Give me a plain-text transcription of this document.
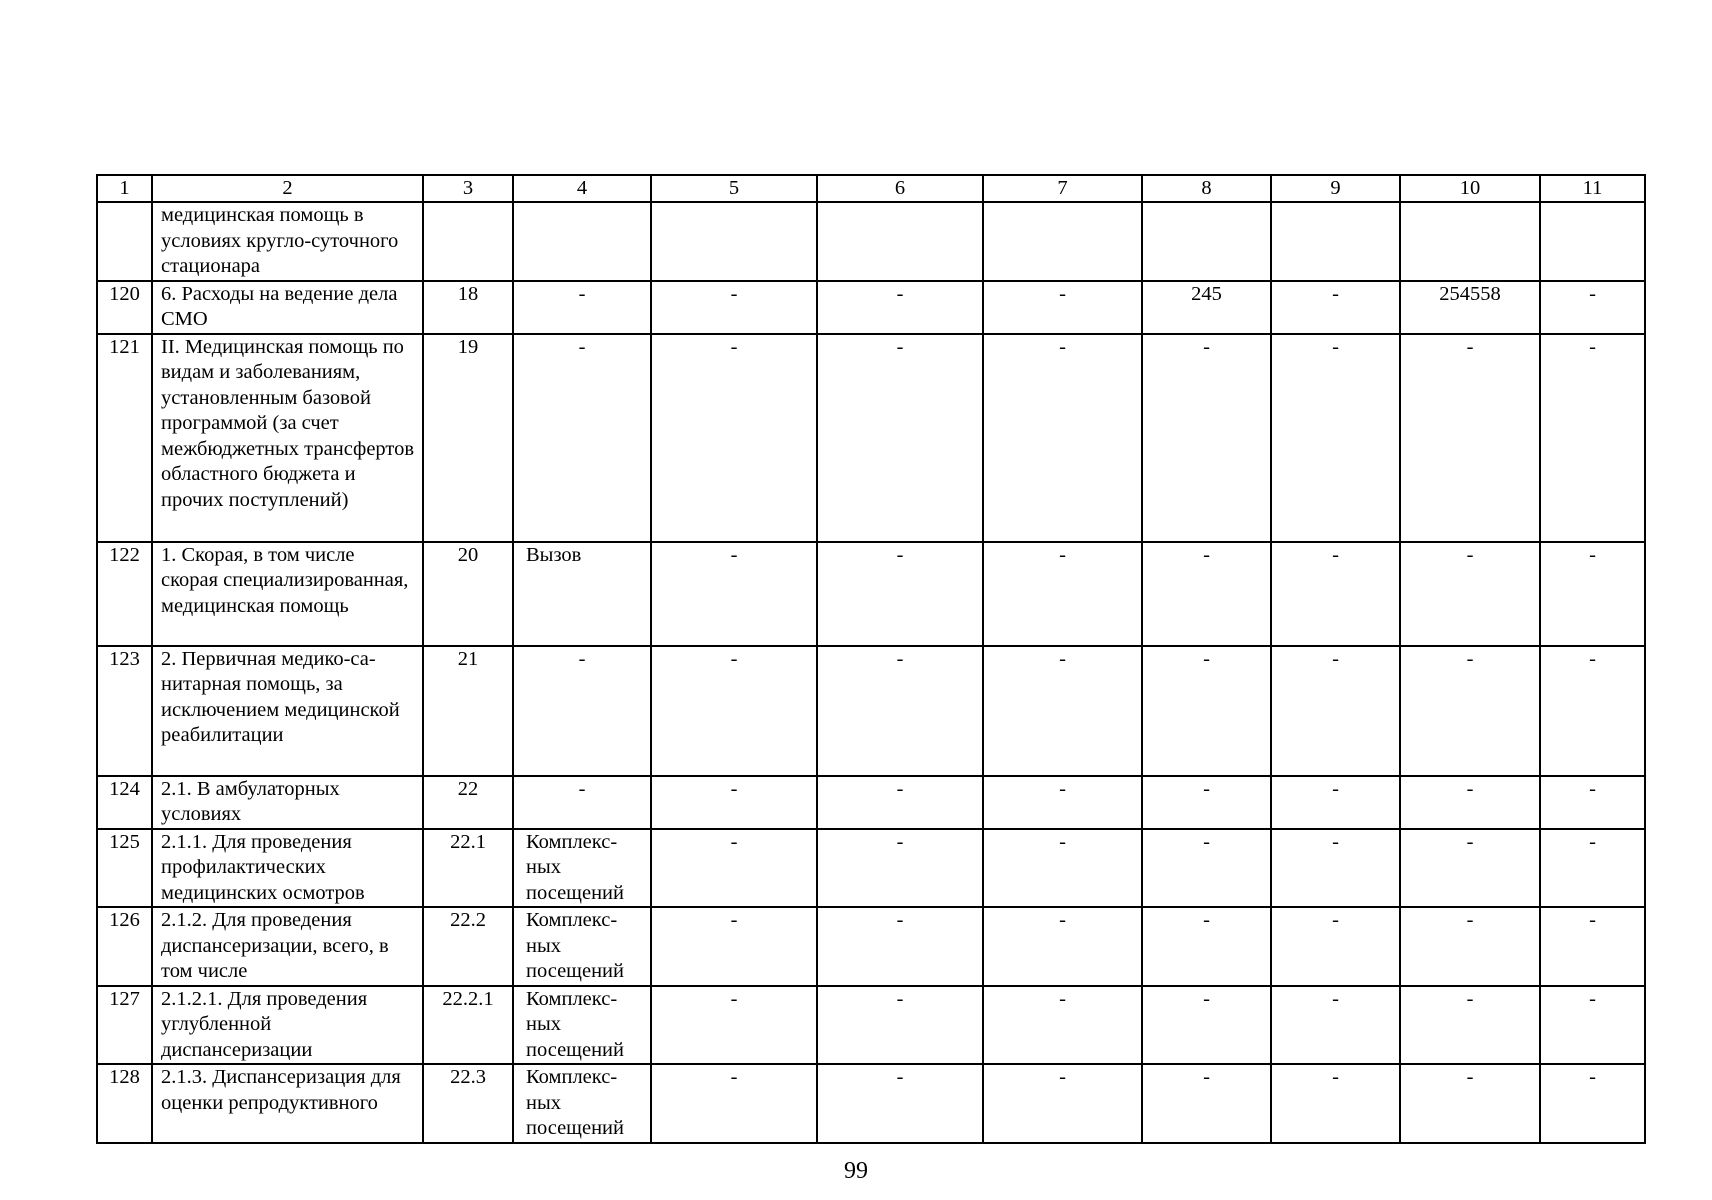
1	2	3	4	5	6	7	8	9	10	11
	медицинская помощь в условиях кругло-суточного стационара									
120	6. Расходы на ведение дела СМО	18	-	-	-	-	245	-	254558	-
121	II. Медицинская помощь по видам и заболеваниям, установленным базовой программой (за счет межбюджетных трансфертов областного бюджета и прочих поступлений)	19	-	-	-	-	-	-	-	-
122	1. Скорая, в том числе скорая специализированная, медицинская помощь	20	Вызов	-	-	-	-	-	-	-
123	2. Первичная медико-са-нитарная помощь, за исключением медицинской реабилитации	21	-	-	-	-	-	-	-	-
124	2.1. В амбулаторных условиях	22	-	-	-	-	-	-	-	-
125	2.1.1. Для проведения профилактических медицинских осмотров	22.1	Комплекс-ных посещений	-	-	-	-	-	-	-
126	2.1.2. Для проведения диспансеризации, всего, в том числе	22.2	Комплекс-ных посещений	-	-	-	-	-	-	-
127	2.1.2.1. Для проведения углубленной диспансеризации	22.2.1	Комплекс-ных посещений	-	-	-	-	-	-	-
128	2.1.3. Диспансеризация для оценки репродуктивного	22.3	Комплекс-ных посещений	-	-	-	-	-	-	-
99
